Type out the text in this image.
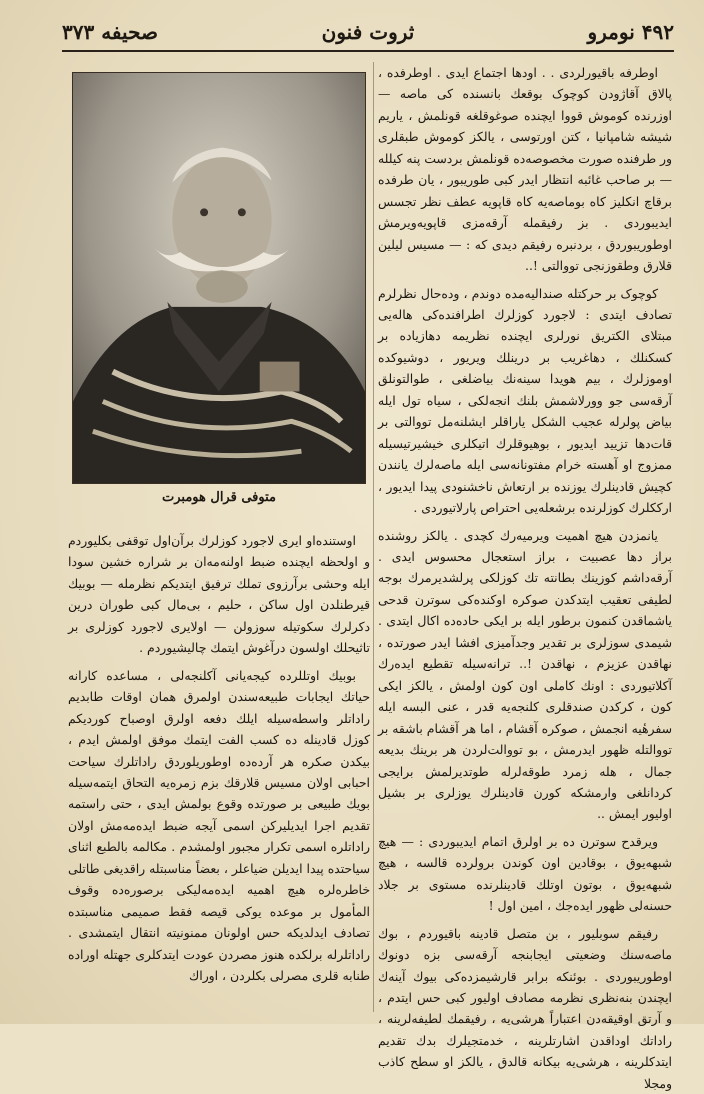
۴۹۲ نومرو
ثروت فنون
صحیفه ۳۷۳
متوفی قرال هومبرت

اوطرفه باقیورلردی . . اودها اجتماع ایدی . اوطرفده ، پالاق آقاژودن کوچوک بوقعك بانسنده کی ماصه — اوزرنده کوموش قووا ایچنده صوغوقلغه قونلمش ، یاریم شیشه شامپانیا ، کتن اورتوسی ، یالکز کوموش طبقلری ور طرفنده صورت مخصوصه‌ده قونلمش بردست پنه کیلله — بر صاحب غائبه انتظار ایدر کبی طوریبور ، یان طرفده برقاچ انکلیز کاه بوماصه‌یه کاه قاپویه عطف نظر تجسس ایدیبوردی . بز رفیقمله آرقه‌مزی قاپویه‌ویرمش اوطوریبوردق ، بردنبره رفیقم دیدی که : — مسیس لیلین قلارق وطقوزنجی تووالتی !..

کوچوک بر حرکتله صندالیه‌مده دوندم ، وده‌حال نظرلرم تصادف ایتدی : لاجورد کوزلرك اطرافنده‌کی هاله‌یی مبتلای الکتریق نورلری ایچنده نظریمه دهازیاده بر کسکنلك ، دهاغریب بر درینلك ویریور ، دوشیوکده اوموزلرك ، بیم هویدا سینه‌نك بیاضلغی ، طوالتونلق آرقه‌سی جو وورلاشمش بلنك انجه‌لکی ، سیاه تول ایله بیاض پولرله عجیب الشکل یاراقلر ایشلنه‌مل تووالتی بر قات‌دها تزیید ایدیور ، بوهیوقلرك اتیکلری خیشیرتیسیله ممزوج او آهسته خرام مفتونانه‌سی ایله ماصه‌لرك یانندن کچیش قادینلرك یوزنده بر ارتعاش ناخشنودی پیدا ایدیور ، ارککلرك کوزلرنده برشعله‌یی احتراص پارلاتیوردی .

یانمزدن هیچ اهمیت ویرمیه‌رك کچدی . یالکز روشنده براز دها عصبیت ، براز استعجال محسوس ایدی . آرقه‌داشم کوزینك بطانته تك کوزلکی پرلشدیرمرك بوجه لطیفی تعقیب ایتدکدن صوکره اوکنده‌کی سوترن قدحی یاشماقدن کنمون برطور ایله بر ایکی حاده‌ده اکال ایتدی . شیمدی سوزلری بر تقدیر وجدآمیزی افشا ایدر صورتده ، نهاقدن عزیزم ، نهاقدن !.. ترانه‌سیله تقطیع ایده‌رك آکلاتیوردی : اونك کاملی اون کون اولمش ، یالکز ایکی کون ، کرکدن صندقلری کلنجه‌یه قدر ، عنی البسه ایله سفرهٔیه انجمش ، صوکره آقشام ، اما هر آقشام باشقه بر تووالتله ظهور ایدرمش ، بو تووالت‌لردن هر برینك بدیعه‌ جمال ، هله زمرد طوقه‌لرله طوتدیرلمش برایجی کردانلغی وارمشکه کورن قادینلرك یوزلری بر بشیل اولیور ایمش ..

ویرقدح سوترن ده بر اولرق اتمام ایدیبوردی : — هیچ شبهه‌یوق ، بوقادین اون کوندن برولرده قالسه ، هیچ شبهه‌یوق ، بوتون اوتلك قادینلرنده مستوی بر جلاد حسنه‌لی ظهور ایده‌جك ، امین اول !

رفیقم سوبلیور ، بن متصل قادینه باقیوردم ، بوك ماصه‌سنك وضعیتی ایجابنجه آرقه‌سی بزه دونوك اوطوریبوردی . بوئنکه برابر قارشیمزده‌کی بیوك آینه‌ك ایچندن بنه‌نظری نظرمه مصادف اولیور کبی حس ایتدم ، و آرتق اوقیقه‌دن اعتباراً هرشی‌یه ، رفیقمك لطیفه‌لرینه ، راداتك اوداقدن اشارتلرینه ، خدمتجیلرك بدك تقدیم ایتدکلرینه ، هرشی‌یه بیکانه قالدق ، یالکز او سطح کاذب‌ ومجلا

اوستنده‌او ایری لاجورد کوزلرك برآن‌اول توقفی بکلیوردم و اولحظه ایچنده ضبط اولنه‌مه‌ان بر شراره خشین سودا ایله وحشی برآرزوی تملك ترفیق ایتدیکم نظرمله — بوبیك قیرطنلدن اول ساکن ، حلیم ، بی‌مال کبی طوران درین دکرلرك سکوتیله سوزولن — اولایری لاجورد کوزلری بر تاثیحلك اولسون درآغوش ایتمك چالیشیوردم .

بوبیك اوتللرده کیجه‌یانی آکلنجه‌لی ، مساعده کارانه حیاتك ایجابات طبیعه‌سندن اولمرق همان اوقات طابدیم راداتلر واسطه‌سیله ایلك دفعه اولرق اوصباح کوردیکم کوزل قادینله ده کسب الفت ایتمك موفق اولمش ایدم ، بیکدن صکره هر آرده‌ده اوطوریلوردق راداتلرك سیاحت احبابی اولان مسیس قلارقك بزم زمره‌یه التحاق ایتمه‌سیله بویك طبیعی بر صورتده وقوع بولمش ایدی ، حتی راستمه تقدیم اجرا ایدیلیرکن اسمی آیجه ضبط ایده‌مه‌مش اولان راداتلره اسمی تکرار مجبور اولمشدم . مکالمه بالطبع اثنای سیاحتده پیدا ایدیلن ضیاعلر ، بعضاً مناسبتله راقدیغی طاتلی خاطره‌لره هیچ اهمیه ایده‌مه‌لیکی برصوره‌ده وقوف المأمول بر موعده یوکی قیصه فقط صمیمی مناسبتده تصادف ایدلدیکه حس اولونان ممنونیته انتقال ایتمشدی . راداتلرله برلکده هنوز مصردن عودت ایتدکلری جهتله اوراده طنابه قلری مصرلی بکلردن ، اوراك
